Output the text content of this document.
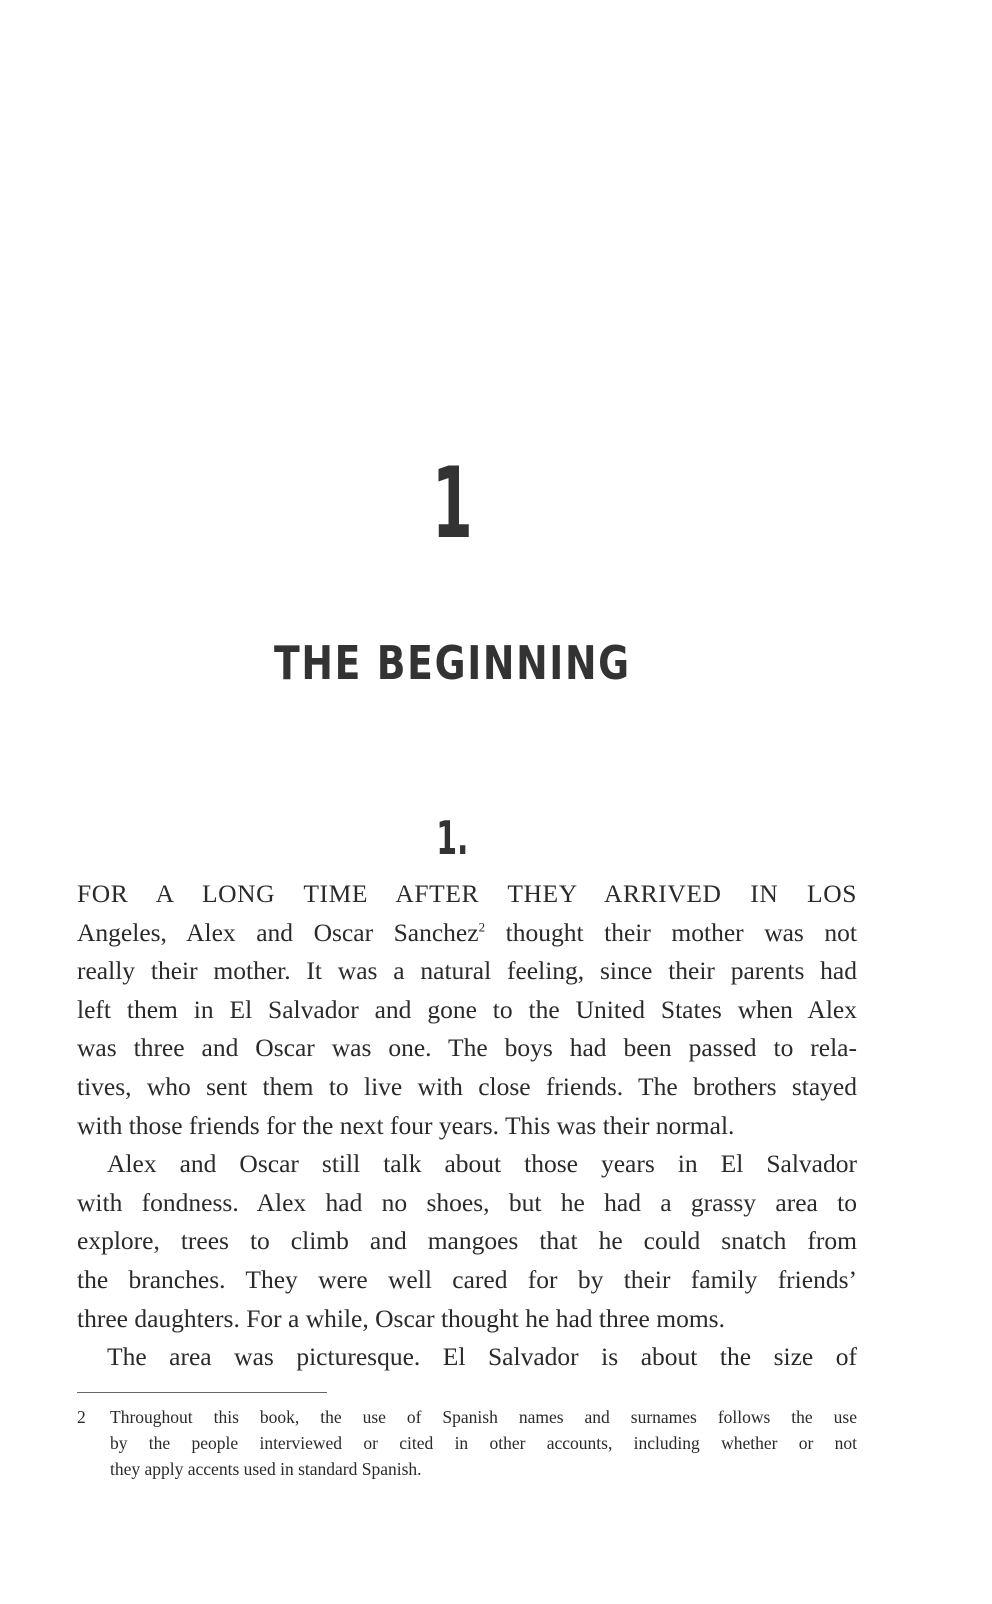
1
THE BEGINNING
1.

FOR A LONG TIME AFTER THEY ARRIVED IN LOS
Angeles, Alex and Oscar Sanchez$^2$ thought their mother was not
really their mother. It was a natural feeling, since their parents had
left them in El Salvador and gone to the United States when Alex
was three and Oscar was one. The boys had been passed to rela-
tives, who sent them to live with close friends. The brothers stayed
with those friends for the next four years. This was their normal.

Alex and Oscar still talk about those years in El Salvador
with fondness. Alex had no shoes, but he had a grassy area to
explore, trees to climb and mangoes that he could snatch from
the branches. They were well cared for by their family friends’
three daughters. For a while, Oscar thought he had three moms.

The area was picturesque. El Salvador is about the size of

2 Throughout this book, the use of Spanish names and surnames follows the use
by the people interviewed or cited in other accounts, including whether or not
they apply accents used in standard Spanish.
